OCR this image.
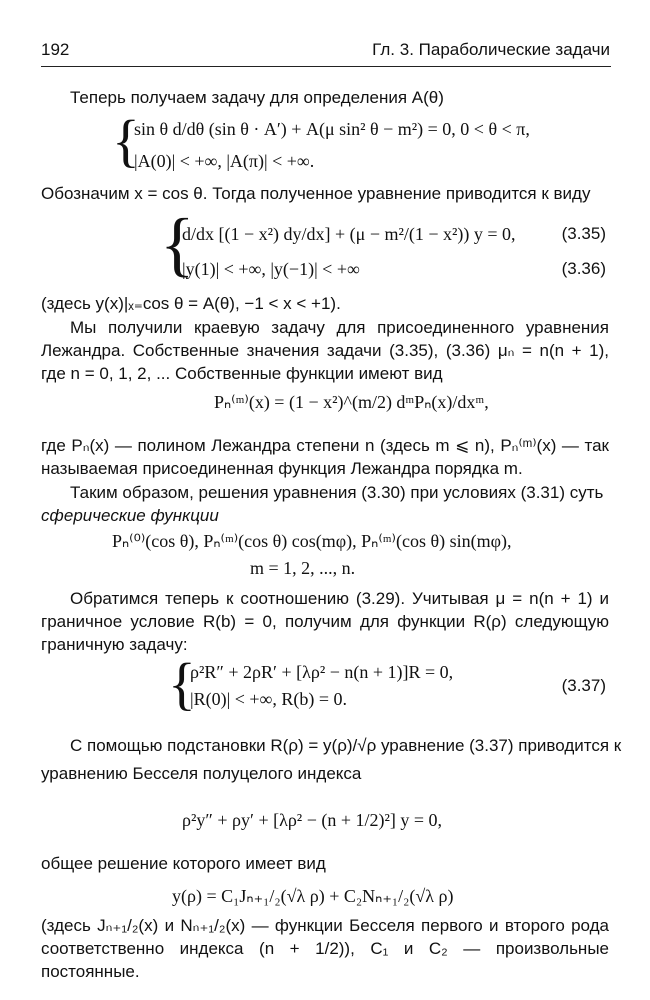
192	Гл. 3. Параболические задачи
Теперь получаем задачу для определения A(θ)
{
sin θ d/dθ (sin θ · A′) + A(μ sin² θ − m²) = 0, 0 < θ < π,
|A(0)| < +∞, |A(π)| < +∞.
Обозначим x = cos θ. Тогда полученное уравнение приводится к виду
{
d/dx [(1 − x²) dy/dx] + (μ − m²/(1 − x²)) y = 0,	(3.35)
|y(1)| < +∞, |y(−1)| < +∞	(3.36)
(здесь y(x)|ₓ₌cos θ = A(θ), −1 < x < +1).
Мы получили краевую задачу для присоединенного уравнения Лежандра. Собственные значения задачи (3.35), (3.36) μₙ = n(n + 1), где n = 0, 1, 2, ... Собственные функции имеют вид
Pₙ⁽ᵐ⁾(x) = (1 − x²)^(m/2) dᵐPₙ(x)/dxᵐ,
где Pₙ(x) — полином Лежандра степени n (здесь m ⩽ n), Pₙ⁽ᵐ⁾(x) — так называемая присоединенная функция Лежандра порядка m.
Таким образом, решения уравнения (3.30) при условиях (3.31) суть
сферические функции
Pₙ⁽⁰⁾(cos θ), Pₙ⁽ᵐ⁾(cos θ) cos(mφ), Pₙ⁽ᵐ⁾(cos θ) sin(mφ),
m = 1, 2, ..., n.
Обратимся теперь к соотношению (3.29). Учитывая μ = n(n + 1) и граничное условие R(b) = 0, получим для функции R(ρ) следующую граничную задачу:
{
ρ²R″ + 2ρR′ + [λρ² − n(n + 1)]R = 0,
|R(0)| < +∞, R(b) = 0.
(3.37)
С помощью подстановки R(ρ) = y(ρ)/√ρ уравнение (3.37) приводится к
уравнению Бесселя полуцелого индекса
ρ²y″ + ρy′ + [λρ² − (n + 1/2)²] y = 0,
общее решение которого имеет вид
y(ρ) = C₁Jₙ₊₁/₂(√λ ρ) + C₂Nₙ₊₁/₂(√λ ρ)
(здесь Jₙ₊₁/₂(x) и Nₙ₊₁/₂(x) — функции Бесселя первого и второго рода соответственно индекса (n + 1/2)), C₁ и C₂ — произвольные постоянные.
